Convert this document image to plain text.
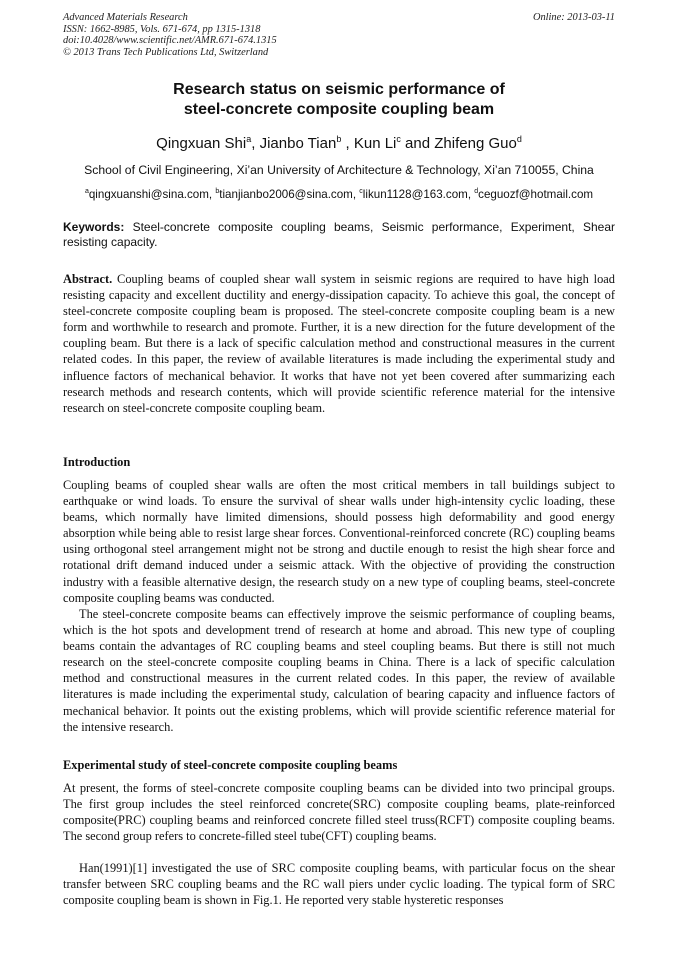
Advanced Materials Research
ISSN: 1662-8985, Vols. 671-674, pp 1315-1318
doi:10.4028/www.scientific.net/AMR.671-674.1315
© 2013 Trans Tech Publications Ltd, Switzerland
Online: 2013-03-11
Research status on seismic performance of
steel-concrete composite coupling beam
Qingxuan Shi$^a$, Jianbo Tian$^b$ , Kun Li$^c$ and Zhifeng Guo$^d$
School of Civil Engineering, Xi’an University of Architecture & Technology, Xi’an 710055, China
$^a$qingxuanshi@sina.com, $^b$tianjianbo2006@sina.com, $^c$likun1128@163.com, $^d$ceguozf@hotmail.com
Keywords: Steel-concrete composite coupling beams, Seismic performance, Experiment, Shear resisting capacity.

Abstract. Coupling beams of coupled shear wall system in seismic regions are required to have high load resisting capacity and excellent ductility and energy-dissipation capacity. To achieve this goal, the concept of steel-concrete composite coupling beam is proposed. The steel-concrete composite coupling beam is a new form and worthwhile to research and promote. Further, it is a new direction for the future development of the coupling beam. But there is a lack of specific calculation method and constructional measures in the current related codes. In this paper, the review of available literatures is made including the experimental study and influence factors of mechanical behavior. It works that have not yet been covered after summarizing each research methods and research contents, which will provide scientific reference material for the intensive research on steel-concrete composite coupling beam.

Introduction

Coupling beams of coupled shear walls are often the most critical members in tall buildings subject to earthquake or wind loads. To ensure the survival of shear walls under high-intensity cyclic loading, these beams, which normally have limited dimensions, should possess high deformability and good energy absorption while being able to resist large shear forces. Conventional-reinforced concrete (RC) coupling beams using orthogonal steel arrangement might not be strong and ductile enough to resist the high shear force and rotational drift demand induced under a seismic attack. With the objective of providing the construction industry with a feasible alternative design, the research study on a new type of coupling beams, steel-concrete composite coupling beams was conducted.

The steel-concrete composite beams can effectively improve the seismic performance of coupling beams, which is the hot spots and development trend of research at home and abroad. This new type of coupling beams contain the advantages of RC coupling beams and steel coupling beams. But there is still not much research on the steel-concrete composite coupling beams in China. There is a lack of specific calculation method and constructional measures in the current related codes. In this paper, the review of available literatures is made including the experimental study, calculation of bearing capacity and influence factors of mechanical behavior. It points out the existing problems, which will provide scientific reference material for the intensive research.

Experimental study of steel-concrete composite coupling beams

At present, the forms of steel-concrete composite coupling beams can be divided into two principal groups. The first group includes the steel reinforced concrete(SRC) composite coupling beams, plate-reinforced composite(PRC) coupling beams and reinforced concrete filled steel truss(RCFT) composite coupling beams. The second group refers to concrete-filled steel tube(CFT) coupling beams.

Han(1991)[1] investigated the use of SRC composite coupling beams, with particular focus on the shear transfer between SRC coupling beams and the RC wall piers under cyclic loading. The typical form of SRC composite coupling beam is shown in Fig.1. He reported very stable hysteretic responses
